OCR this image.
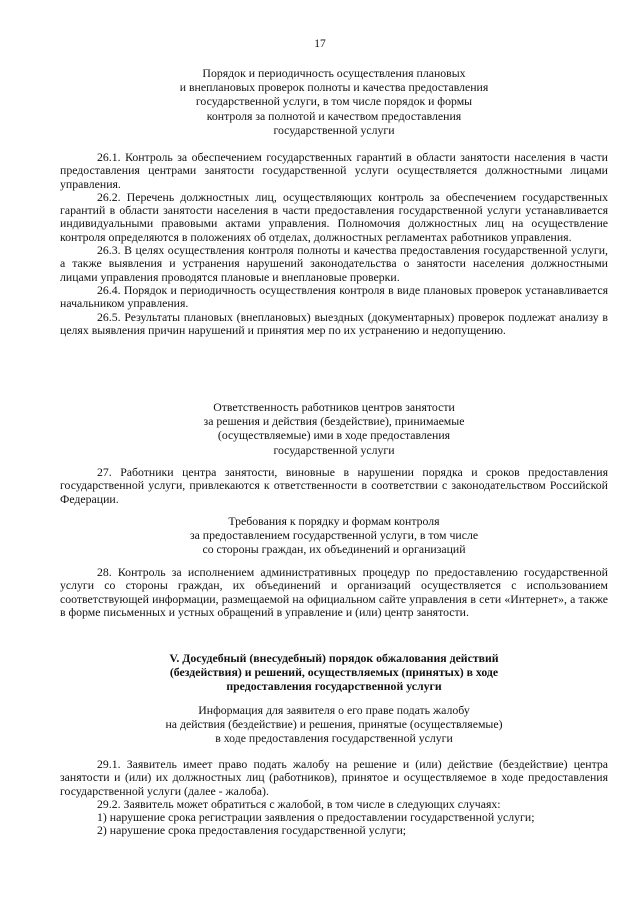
17
Порядок и периодичность осуществления плановых
и внеплановых проверок полноты и качества предоставления
государственной услуги, в том числе порядок и формы
контроля за полнотой и качеством предоставления
государственной услуги

26.1. Контроль за обеспечением государственных гарантий в области занятости населения в части предоставления центрами занятости государственной услуги осуществляется должностными лицами управления.

26.2. Перечень должностных лиц, осуществляющих контроль за обеспечением государственных гарантий в области занятости населения в части предоставления государственной услуги устанавливается индивидуальными правовыми актами управления. Полномочия должностных лиц на осуществление контроля определяются в положениях об отделах, должностных регламентах работников управления.

26.3. В целях осуществления контроля полноты и качества предоставления государственной услуги, а также выявления и устранения нарушений законодательства о занятости населения должностными лицами управления проводятся плановые и внеплановые проверки.

26.4. Порядок и периодичность осуществления контроля в виде плановых проверок устанавливается начальником управления.

26.5. Результаты плановых (внеплановых) выездных (документарных) проверок подлежат анализу в целях выявления причин нарушений и принятия мер по их устранению и недопущению.

Ответственность работников центров занятости
за решения и действия (бездействие), принимаемые
(осуществляемые) ими в ходе предоставления
государственной услуги

27. Работники центра занятости, виновные в нарушении порядка и сроков предоставления государственной услуги, привлекаются к ответственности в соответствии с законодательством Российской Федерации.

Требования к порядку и формам контроля
за предоставлением государственной услуги, в том числе
со стороны граждан, их объединений и организаций

28. Контроль за исполнением административных процедур по предоставлению государственной услуги со стороны граждан, их объединений и организаций осуществляется с использованием соответствующей информации, размещаемой на официальном сайте управления в сети «Интернет», а также в форме письменных и устных обращений в управление и (или) центр занятости.

V. Досудебный (внесудебный) порядок обжалования действий
(бездействия) и решений, осуществляемых (принятых) в ходе
предоставления государственной услуги
Информация для заявителя о его праве подать жалобу
на действия (бездействие) и решения, принятые (осуществляемые)
в ходе предоставления государственной услуги

29.1. Заявитель имеет право подать жалобу на решение и (или) действие (бездействие) центра занятости и (или) их должностных лиц (работников), принятое и осуществляемое в ходе предоставления государственной услуги (далее - жалоба).

29.2. Заявитель может обратиться с жалобой, в том числе в следующих случаях:

1) нарушение срока регистрации заявления о предоставлении государственной услуги;

2) нарушение срока предоставления государственной услуги;
